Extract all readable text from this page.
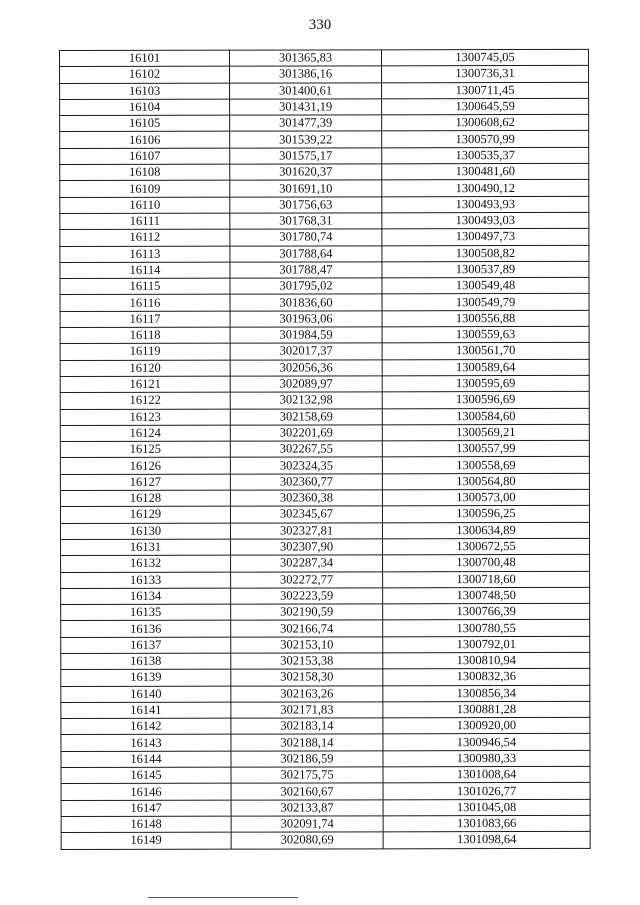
330
16101	301365,83	1300745,05
16102	301386,16	1300736,31
16103	301400,61	1300711,45
16104	301431,19	1300645,59
16105	301477,39	1300608,62
16106	301539,22	1300570,99
16107	301575,17	1300535,37
16108	301620,37	1300481,60
16109	301691,10	1300490,12
16110	301756,63	1300493,93
16111	301768,31	1300493,03
16112	301780,74	1300497,73
16113	301788,64	1300508,82
16114	301788,47	1300537,89
16115	301795,02	1300549,48
16116	301836,60	1300549,79
16117	301963,06	1300556,88
16118	301984,59	1300559,63
16119	302017,37	1300561,70
16120	302056,36	1300589,64
16121	302089,97	1300595,69
16122	302132,98	1300596,69
16123	302158,69	1300584,60
16124	302201,69	1300569,21
16125	302267,55	1300557,99
16126	302324,35	1300558,69
16127	302360,77	1300564,80
16128	302360,38	1300573,00
16129	302345,67	1300596,25
16130	302327,81	1300634,89
16131	302307,90	1300672,55
16132	302287,34	1300700,48
16133	302272,77	1300718,60
16134	302223,59	1300748,50
16135	302190,59	1300766,39
16136	302166,74	1300780,55
16137	302153,10	1300792,01
16138	302153,38	1300810,94
16139	302158,30	1300832,36
16140	302163,26	1300856,34
16141	302171,83	1300881,28
16142	302183,14	1300920,00
16143	302188,14	1300946,54
16144	302186,59	1300980,33
16145	302175,75	1301008,64
16146	302160,67	1301026,77
16147	302133,87	1301045,08
16148	302091,74	1301083,66
16149	302080,69	1301098,64
